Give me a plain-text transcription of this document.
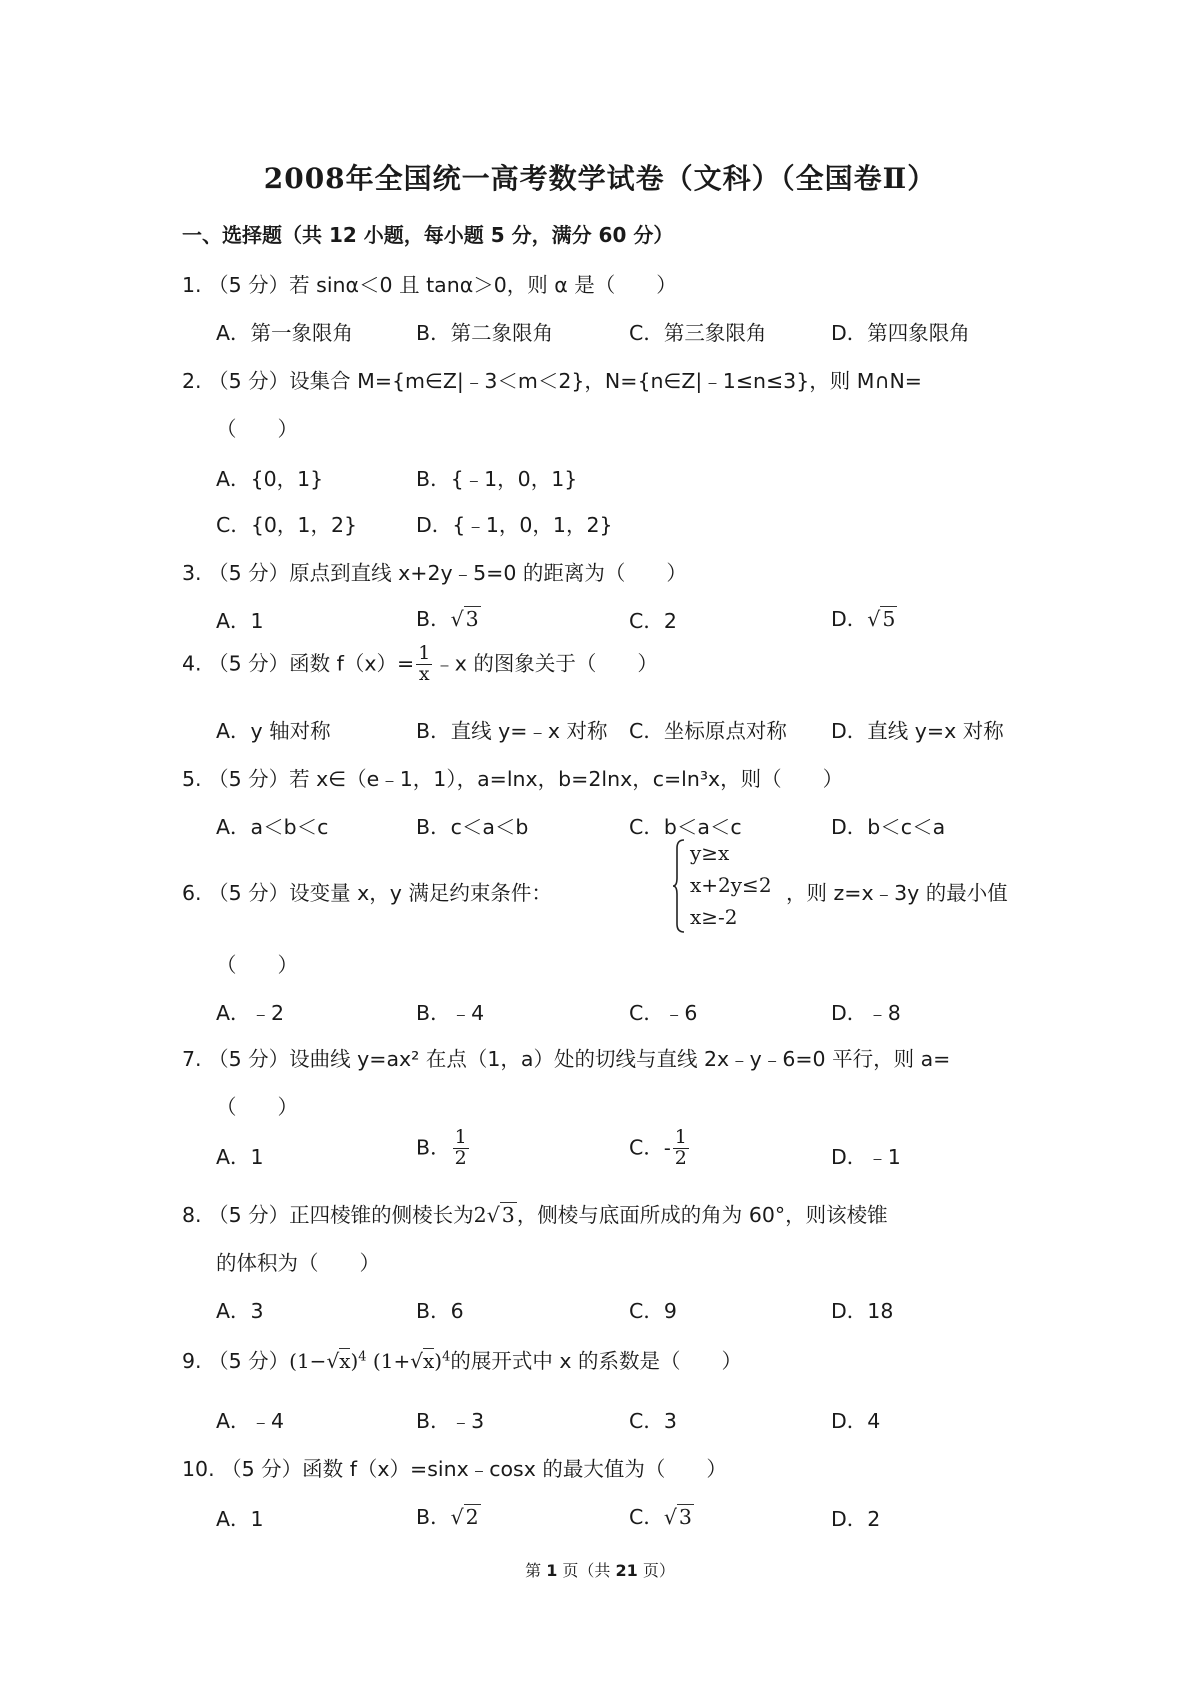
2008年全国统一高考数学试卷（文科）（全国卷Ⅱ）
一、选择题（共 12 小题，每小题 5 分，满分 60 分）
1. （5 分）若 sinα＜0 且 tanα＞0，则 α 是（　　）
A．第一象限角	B．第二象限角	C．第三象限角	D．第四象限角
2. （5 分）设集合 M={m∈Z|﹣3＜m＜2}，N={n∈Z|﹣1≤n≤3}，则 M∩N=
（　　）
A．{0，1}	B．{﹣1，0，1}
C．{0，1，2}	D．{﹣1，0，1，2}
3. （5 分）原点到直线 x+2y﹣5=0 的距离为（　　）
A．1	B．√3	C．2	D．√5
4. （5 分）函数 $f(x)= \frac{1}{x}$ ﹣x 的图象关于（　　）
A．y 轴对称	B．直线 y=﹣x 对称 C．坐标原点对称 D．直线 y=x 对称
5. （5 分）若 x∈（e﹣1，1），a=lnx，b=2lnx，c=ln³x，则（　　）
A．a＜b＜c	B．c＜a＜b	C．b＜a＜c	D．b＜c＜a
6. （5 分）设变量 x，y 满足约束条件：
y≥x
x+2y≤2
x≥-2
，则 z=x﹣3y 的最小值
（　　）
A．﹣2	B．﹣4	C．﹣6	D．﹣8
7. （5 分）设曲线 y=ax² 在点（1，a）处的切线与直线 2x﹣y﹣6=0 平行，则 a=
（　　）
A．1	B． $\frac{1}{2}$	C．- $\frac{1}{2}$	D．﹣1
8. （5 分）正四棱锥的侧棱长为2√3，侧棱与底面所成的角为 60°，则该棱锥
的体积为（　　）
A．3	B．6	C．9	D．18
9. （5 分）$(1-√x)^4$ $(1+√x)^4$的展开式中 x 的系数是（　　）
A．﹣4	B．﹣3	C．3	D．4
10. （5 分）函数 f（x）=sinx﹣cosx 的最大值为（　　）
A．1	B．√2	C．√3	D．2
第 1 页（共 21 页）
